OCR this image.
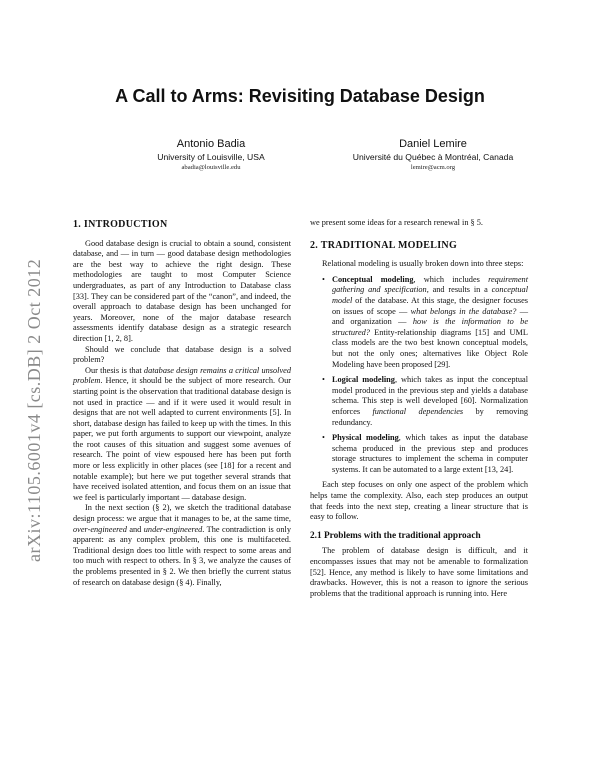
arXiv:1105.6001v4 [cs.DB] 2 Oct 2012
A Call to Arms: Revisiting Database Design
Antonio Badia
University of Louisville, USA
abadia@louisville.edu
Daniel Lemire
Université du Québec à Montréal, Canada
lemire@acm.org
1. INTRODUCTION

Good database design is crucial to obtain a sound, consistent database, and — in turn — good database design methodologies are the best way to achieve the right design. These methodologies are taught to most Computer Science undergraduates, as part of any Introduction to Database class [33]. They can be considered part of the “canon”, and indeed, the overall approach to database design has been unchanged for years. Moreover, none of the major database research assessments identify database design as a strategic research direction [1, 2, 8].

Should we conclude that database design is a solved problem?

Our thesis is that database design remains a critical unsolved problem. Hence, it should be the subject of more research. Our starting point is the observation that traditional database design is not used in practice — and if it were used it would result in designs that are not well adapted to current environments [5]. In short, database design has failed to keep up with the times. In this paper, we put forth arguments to support our viewpoint, analyze the root causes of this situation and suggest some avenues of research. The point of view espoused here has been put forth more or less explicitly in other places (see [18] for a recent and notable example); but here we put together several strands that have received isolated attention, and focus them on an issue that we feel is particularly important — database design.

In the next section (§ 2), we sketch the traditional database design process: we argue that it manages to be, at the same time, over-engineered and under-engineered. The contradiction is only apparent: as any complex problem, this one is multifaceted. Traditional design does too little with respect to some areas and too much with respect to others. In § 3, we analyze the causes of the problems presented in § 2. We then briefly the current status of research on database design (§ 4). Finally,

we present some ideas for a research renewal in § 5.

2. TRADITIONAL MODELING

Relational modeling is usually broken down into three steps:

• Conceptual modeling, which includes requirement gathering and specification, and results in a conceptual model of the database. At this stage, the designer focuses on issues of scope — what belongs in the database? — and organization — how is the information to be structured? Entity-relationship diagrams [15] and UML class models are the two best known conceptual models, but not the only ones; alternatives like Object Role Modeling have been proposed [29].
• Logical modeling, which takes as input the conceptual model produced in the previous step and yields a database schema. This step is well developed [60]. Normalization enforces functional dependencies by removing redundancy.
• Physical modeling, which takes as input the database schema produced in the previous step and produces storage structures to implement the schema in computer systems. It can be automated to a large extent [13, 24].

Each step focuses on only one aspect of the problem which helps tame the complexity. Also, each step produces an output that feeds into the next step, creating a linear structure that is easy to follow.

2.1 Problems with the traditional approach

The problem of database design is difficult, and it encompasses issues that may not be amenable to formalization [52]. Hence, any method is likely to have some limitations and drawbacks. However, this is not a reason to ignore the serious problems that the traditional approach is running into. Here
